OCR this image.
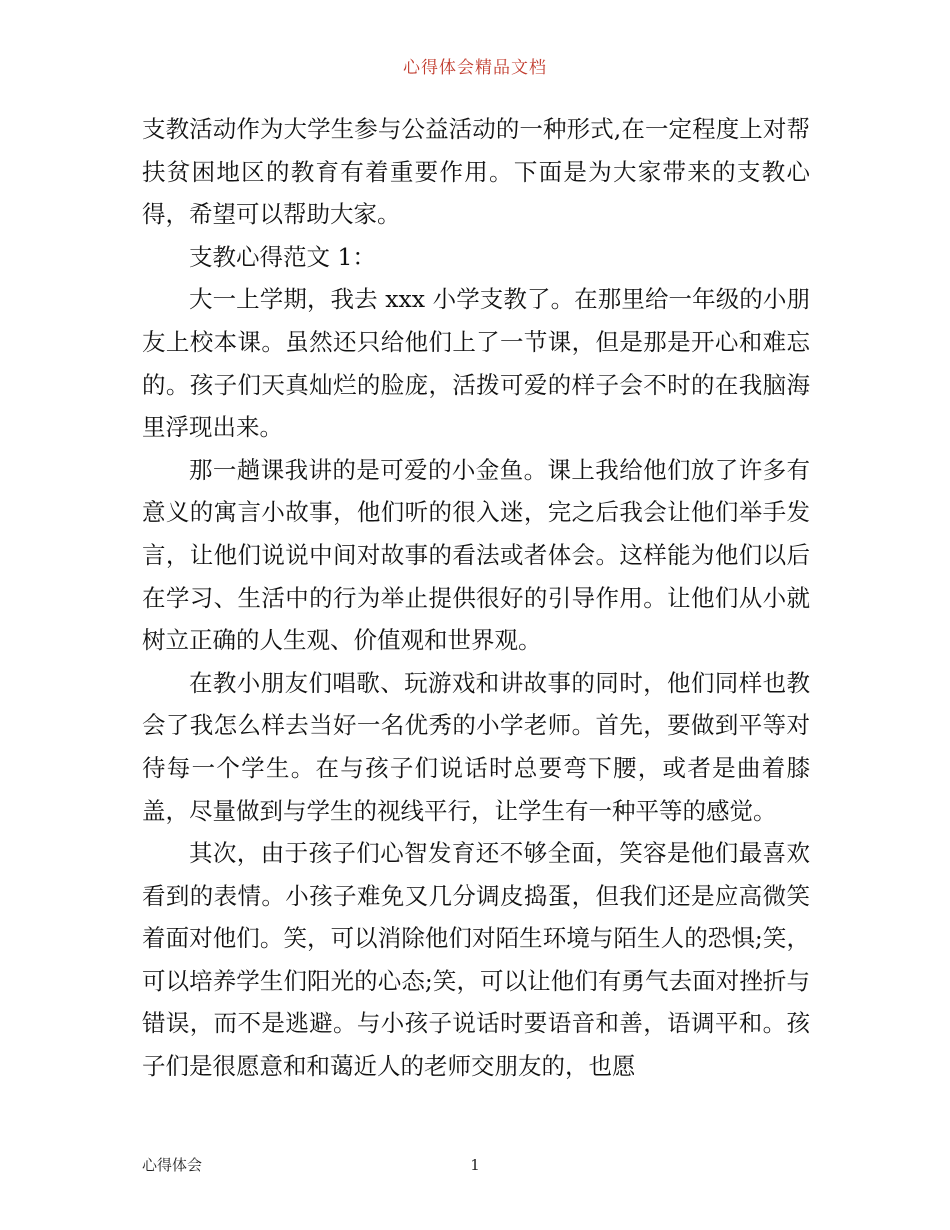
心得体会精品文档

支教活动作为大学生参与公益活动的一种形式,在一定程度上对帮扶贫困地区的教育有着重要作用。下面是为大家带来的支教心得，希望可以帮助大家。

支教心得范文 1：

大一上学期，我去 xxx 小学支教了。在那里给一年级的小朋友上校本课。虽然还只给他们上了一节课，但是那是开心和难忘的。孩子们天真灿烂的脸庞，活拨可爱的样子会不时的在我脑海里浮现出来。

那一趟课我讲的是可爱的小金鱼。课上我给他们放了许多有意义的寓言小故事，他们听的很入迷，完之后我会让他们举手发言，让他们说说中间对故事的看法或者体会。这样能为他们以后在学习、生活中的行为举止提供很好的引导作用。让他们从小就树立正确的人生观、价值观和世界观。

在教小朋友们唱歌、玩游戏和讲故事的同时，他们同样也教会了我怎么样去当好一名优秀的小学老师。首先，要做到平等对待每一个学生。在与孩子们说话时总要弯下腰，或者是曲着膝盖，尽量做到与学生的视线平行，让学生有一种平等的感觉。

其次，由于孩子们心智发育还不够全面，笑容是他们最喜欢看到的表情。小孩子难免又几分调皮捣蛋，但我们还是应高微笑着面对他们。笑，可以消除他们对陌生环境与陌生人的恐惧;笑，可以培养学生们阳光的心态;笑，可以让他们有勇气去面对挫折与错误，而不是逃避。与小孩子说话时要语音和善，语调平和。孩子们是很愿意和和蔼近人的老师交朋友的，也愿

心得体会	1
